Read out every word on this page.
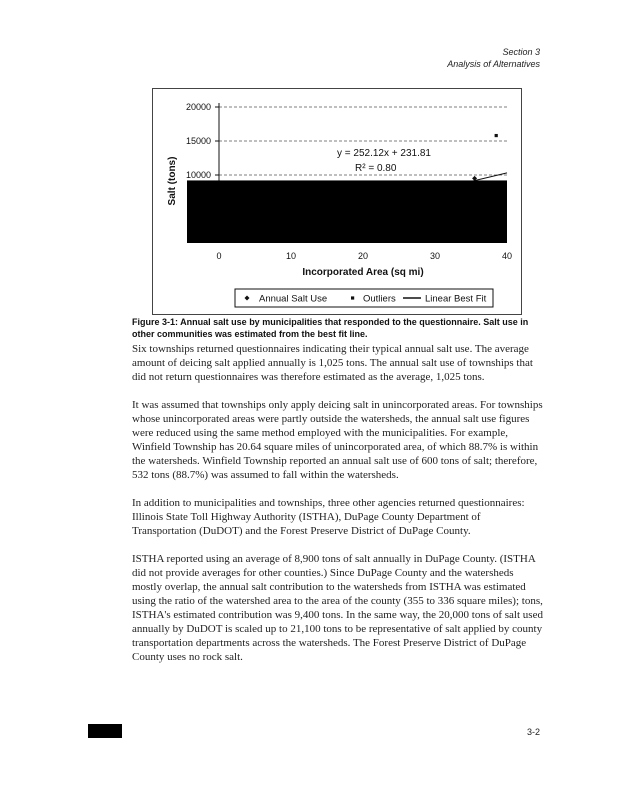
Section 3
Analysis of Alternatives
20000
15000
10000
0	10	20	30	40
y = 252.12x + 231.81
R² = 0.80
Salt (tons)
Incorporated Area (sq mi)
Annual Salt Use	Outliers	Linear Best Fit
Figure 3-1: Annual salt use by municipalities that responded to the questionnaire. Salt use in other communities was estimated from the best fit line.

Six townships returned questionnaires indicating their typical annual salt use. The average amount of deicing salt applied annually is 1,025 tons. The annual salt use of townships that did not return questionnaires was therefore estimated as the average, 1,025 tons.

It was assumed that townships only apply deicing salt in unincorporated areas. For townships whose unincorporated areas were partly outside the watersheds, the annual salt use figures were reduced using the same method employed with the municipalities. For example, Winfield Township has 20.64 square miles of unincorporated area, of which 88.7% is within the watersheds. Winfield Township reported an annual salt use of 600 tons of salt; therefore, 532 tons (88.7%) was assumed to fall within the watersheds.

In addition to municipalities and townships, three other agencies returned questionnaires: Illinois State Toll Highway Authority (ISTHA), DuPage County Department of Transportation (DuDOT) and the Forest Preserve District of DuPage County.

ISTHA reported using an average of 8,900 tons of salt annually in DuPage County. (ISTHA did not provide averages for other counties.) Since DuPage County and the watersheds mostly overlap, the annual salt contribution to the watersheds from ISTHA was estimated using the ratio of the watershed area to the area of the county (355 to 336 square miles); tons, ISTHA's estimated contribution was 9,400 tons. In the same way, the 20,000 tons of salt used annually by DuDOT is scaled up to 21,100 tons to be representative of salt applied by county transportation departments across the watersheds. The Forest Preserve District of DuPage County uses no rock salt.

3-2
